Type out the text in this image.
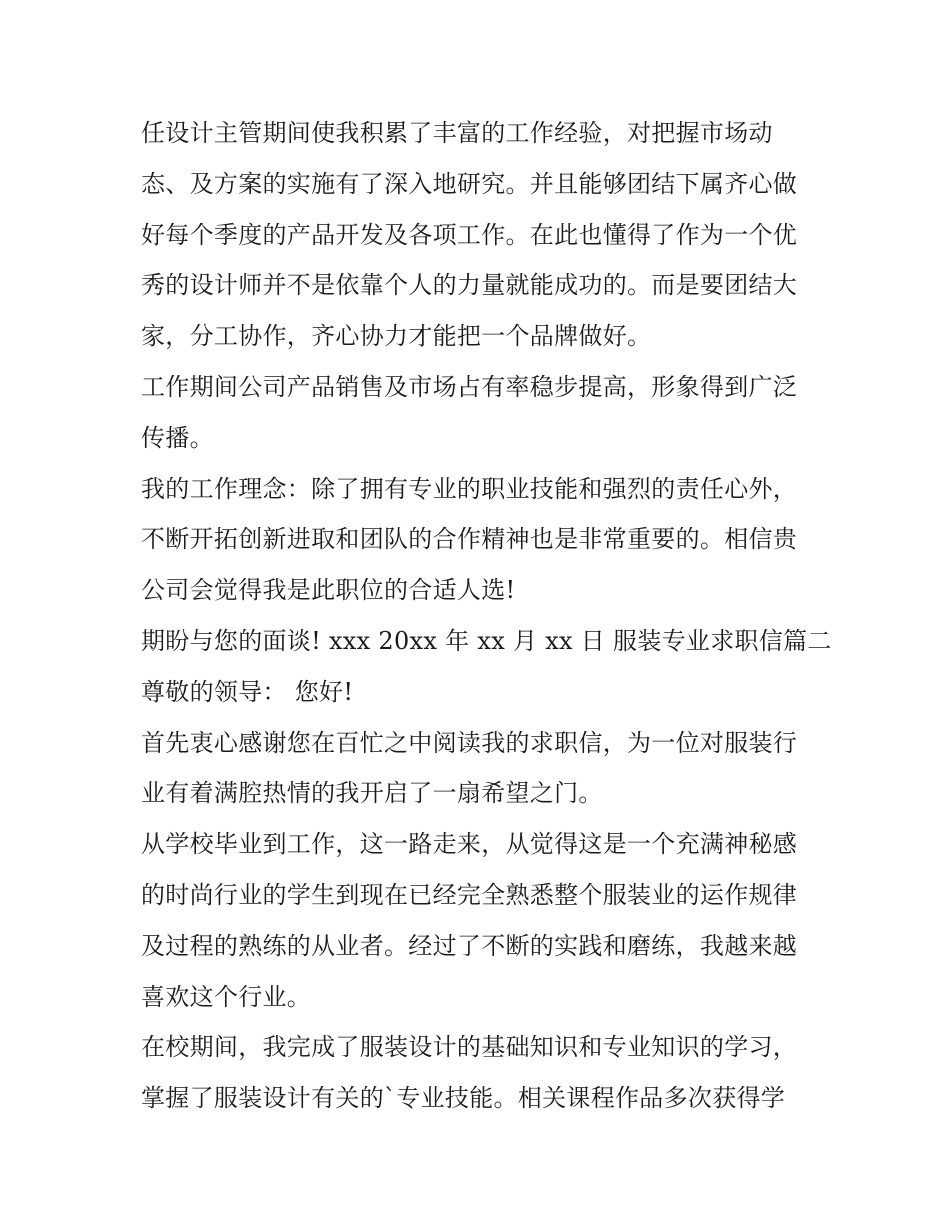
任设计主管期间使我积累了丰富的工作经验，对把握市场动
态、及方案的实施有了深入地研究。并且能够团结下属齐心做
好每个季度的产品开发及各项工作。在此也懂得了作为一个优
秀的设计师并不是依靠个人的力量就能成功的。而是要团结大
家，分工协作，齐心协力才能把一个品牌做好。
工作期间公司产品销售及市场占有率稳步提高，形象得到广泛
传播。
我的工作理念：除了拥有专业的职业技能和强烈的责任心外，
不断开拓创新进取和团队的合作精神也是非常重要的。相信贵
公司会觉得我是此职位的合适人选!
期盼与您的面谈! xxx 20xx 年 xx 月 xx 日 服装专业求职信篇二
尊敬的领导： 您好!
首先衷心感谢您在百忙之中阅读我的求职信，为一位对服装行
业有着满腔热情的我开启了一扇希望之门。
从学校毕业到工作，这一路走来，从觉得这是一个充满神秘感
的时尚行业的学生到现在已经完全熟悉整个服装业的运作规律
及过程的熟练的从业者。经过了不断的实践和磨练，我越来越
喜欢这个行业。
在校期间，我完成了服装设计的基础知识和专业知识的学习，
掌握了服装设计有关的`专业技能。相关课程作品多次获得学
